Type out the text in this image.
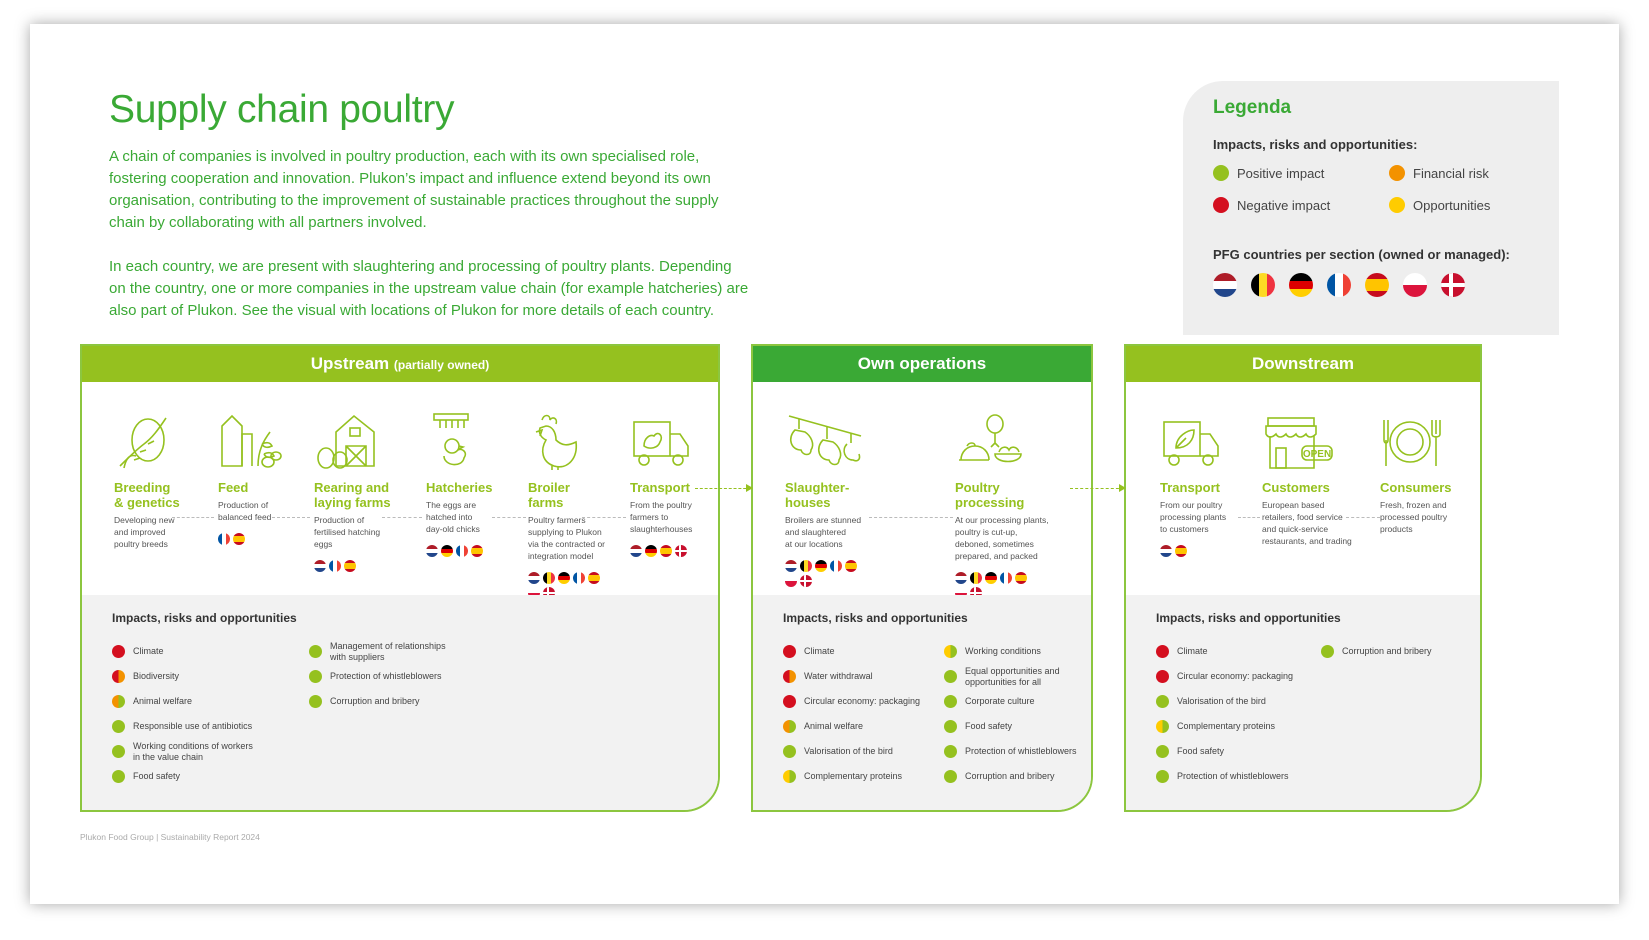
Supply chain poultry

A chain of companies is involved in poultry production, each with its own specialised role, fostering cooperation and innovation. Plukon’s impact and influence extend beyond its own organisation, contributing to the improvement of sustainable practices throughout the supply chain by collaborating with all partners involved.

In each country, we are present with slaughtering and processing of poultry plants. Depending on the country, one or more companies in the upstream value chain (for example hatcheries) are also part of Plukon. See the visual with locations of Plukon for more details of each country.

Legenda
Impacts, risks and opportunities:
Positive impact	Financial risk
Negative impact	Opportunities
PFG countries per section (owned or managed):
Upstream (partially owned)
Breeding
& genetics

Developing new
and improved
poultry breeds

Feed

Production of
balanced feed

Rearing and
laying farms

Production of
fertilised hatching
eggs

Hatcheries

The eggs are
hatched into
day-old chicks

Broiler
farms

Poultry farmers
supplying to Plukon
via the contracted or
integration model

Transport

From the poultry
farmers to
slaughterhouses

Impacts, risks and opportunities
Climate
Biodiversity
Animal welfare
Responsible use of antibiotics
Working conditions of workers in the value chain
Food safety
Management of relationships with suppliers
Protection of whistleblowers
Corruption and bribery
Own operations
Slaughter-
houses

Broilers are stunned
and slaughtered
at our locations

Poultry
processing

At our processing plants,
poultry is cut-up,
deboned, sometimes
prepared, and packed

Impacts, risks and opportunities
Climate
Water withdrawal
Circular economy: packaging
Animal welfare
Valorisation of the bird
Complementary proteins
Working conditions
Equal opportunities and opportunities for all
Corporate culture
Food safety
Protection of whistleblowers
Corruption and bribery
Downstream
Transport

From our poultry
processing plants
to customers

OPEN
Customers

European based
retailers, food service
and quick-service
restaurants, and trading

Consumers

Fresh, frozen and
processed poultry
products

Impacts, risks and opportunities
Climate
Circular economy: packaging
Valorisation of the bird
Complementary proteins
Food safety
Protection of whistleblowers
Corruption and bribery

Plukon Food Group | Sustainability Report 2024
